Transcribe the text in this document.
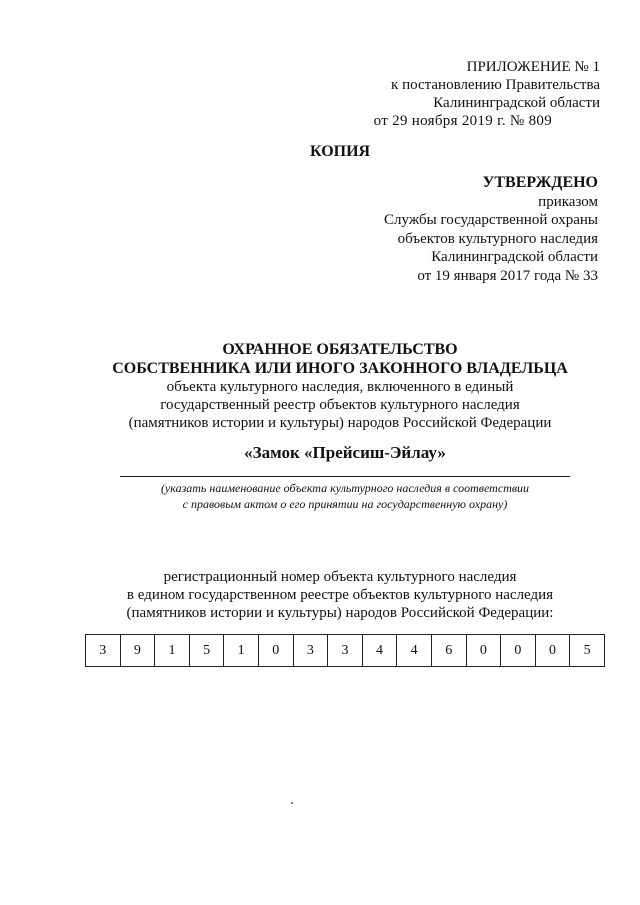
ПРИЛОЖЕНИЕ № 1
к постановлению Правительства
Калининградской области
от 29 ноября 2019 г. № 809
КОПИЯ
УТВЕРЖДЕНО
приказом
Службы государственной охраны
объектов культурного наследия
Калининградской области
от 19 января 2017 года № 33
ОХРАННОЕ ОБЯЗАТЕЛЬСТВО
СОБСТВЕННИКА ИЛИ ИНОГО ЗАКОННОГО ВЛАДЕЛЬЦА
объекта культурного наследия, включенного в единый
государственный реестр объектов культурного наследия
(памятников истории и культуры) народов Российской Федерации
«Замок «Прейсиш-Эйлау»
(указать наименование объекта культурного наследия в соответствии
с правовым актом о его принятии на государственную охрану)
регистрационный номер объекта культурного наследия
в едином государственном реестре объектов культурного наследия
(памятников истории и культуры) народов Российской Федерации:
3	9	1	5	1	0	3	3	4	4	6	0	0	0	5
